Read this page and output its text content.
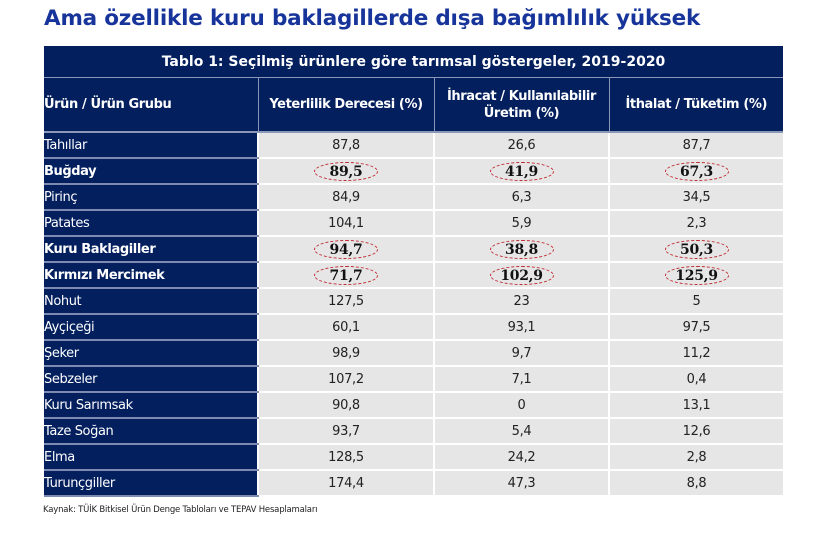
Ama özellikle kuru baklagillerde dışa bağımlılık yüksek
Tablo 1: Seçilmiş ürünlere göre tarımsal göstergeler, 2019-2020			
Ürün / Ürün Grubu	Yeterlilik Derecesi (%)	İhracat / Kullanılabilir Üretim (%)	İthalat / Tüketim (%)
Tahıllar	87,8	26,6	87,7
Buğday	89,5	41,9	67,3
Pirinç	84,9	6,3	34,5
Patates	104,1	5,9	2,3
Kuru Baklagiller	94,7	38,8	50,3
Kırmızı Mercimek	71,7	102,9	125,9
Nohut	127,5	23	5
Ayçiçeği	60,1	93,1	97,5
Şeker	98,9	9,7	11,2
Sebzeler	107,2	7,1	0,4
Kuru Sarımsak	90,8	0	13,1
Taze Soğan	93,7	5,4	12,6
Elma	128,5	24,2	2,8
Turunçgiller	174,4	47,3	8,8
Kaynak: TÜİK Bitkisel Ürün Denge Tabloları ve TEPAV Hesaplamaları
